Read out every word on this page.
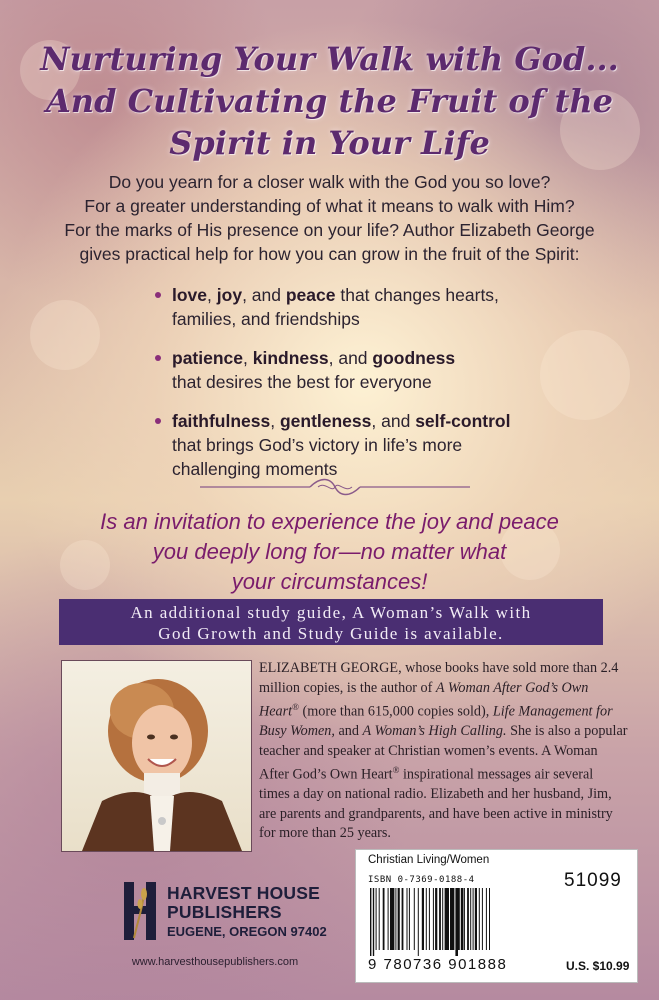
Nurturing Your Walk with God...
And Cultivating the Fruit of the
Spirit in Your Life
Do you yearn for a closer walk with the God you so love?
For a greater understanding of what it means to walk with Him?
For the marks of His presence on your life? Author Elizabeth George
gives practical help for how you can grow in the fruit of the Spirit:
love, joy, and peace that changes hearts,
families, and friendships
patience, kindness, and goodness
that desires the best for everyone
faithfulness, gentleness, and self-control
that brings God’s victory in life’s more
challenging moments
Is an invitation to experience the joy and peace
you deeply long for—no matter what
your circumstances!
An additional study guide, A Woman’s Walk with
God Growth and Study Guide is available.
ELIZABETH GEORGE, whose books have sold more than 2.4
million copies, is the author of A Woman After God’s Own
Heart® (more than 615,000 copies sold), Life Management for
Busy Women, and A Woman’s High Calling. She is also a popular
teacher and speaker at Christian women’s events. A Woman
After God’s Own Heart® inspirational messages air several
times a day on national radio. Elizabeth and her husband, Jim,
are parents and grandparents, and have been active in ministry
for more than 25 years.
Christian Living/Women
ISBN 0-7369-0188-4	51099
9 780736 901888	U.S. $10.99
HARVEST HOUSE
PUBLISHERS
EUGENE, OREGON 97402
www.harvesthousepublishers.com
